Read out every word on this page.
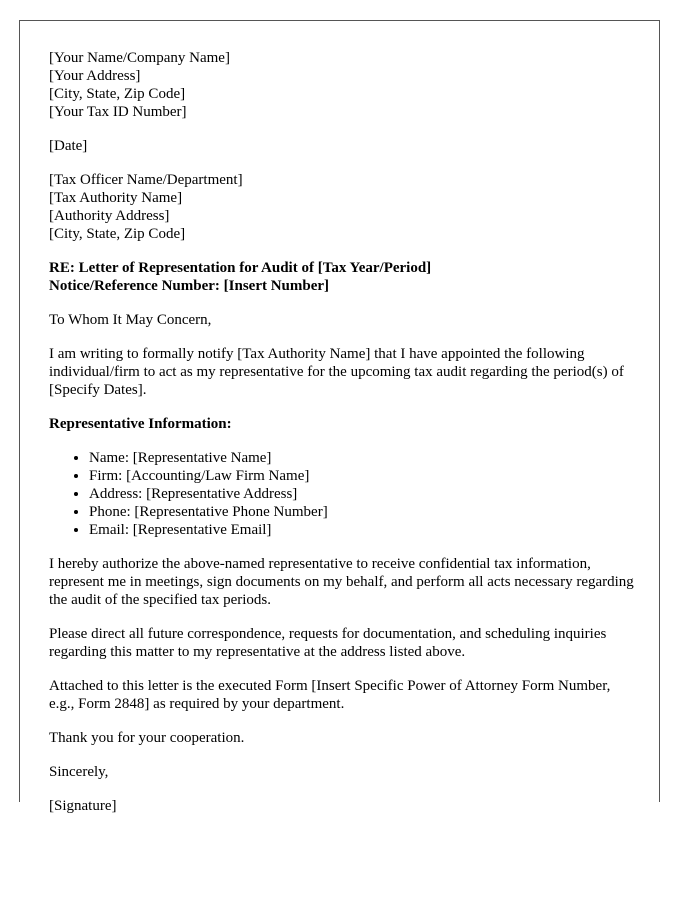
[Your Name/Company Name]
[Your Address]
[City, State, Zip Code]
[Your Tax ID Number]

[Date]

[Tax Officer Name/Department]
[Tax Authority Name]
[Authority Address]
[City, State, Zip Code]
RE: Letter of Representation for Audit of [Tax Year/Period]
Notice/Reference Number: [Insert Number]

To Whom It May Concern,

I am writing to formally notify [Tax Authority Name] that I have appointed the following individual/firm to act as my representative for the upcoming tax audit regarding the period(s) of [Specify Dates].

Representative Information:

• Name: [Representative Name]
• Firm: [Accounting/Law Firm Name]
• Address: [Representative Address]
• Phone: [Representative Phone Number]
• Email: [Representative Email]

I hereby authorize the above-named representative to receive confidential tax information, represent me in meetings, sign documents on my behalf, and perform all acts necessary regarding the audit of the specified tax periods.

Please direct all future correspondence, requests for documentation, and scheduling inquiries regarding this matter to my representative at the address listed above.

Attached to this letter is the executed Form [Insert Specific Power of Attorney Form Number, e.g., Form 2848] as required by your department.

Thank you for your cooperation.

Sincerely,

[Signature]
